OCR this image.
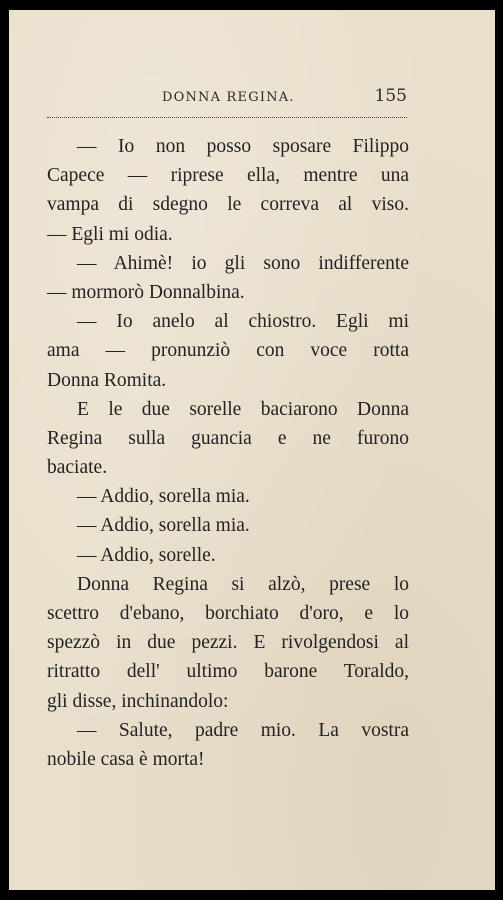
DONNA REGINA.	155
— Io non posso sposare Filippo
Capece — riprese ella, mentre una
vampa di sdegno le correva al viso.
— Egli mi odia.
— Ahimè! io gli sono indifferente
— mormorò Donnalbina.
— Io anelo al chiostro. Egli mi
ama — pronunziò con voce rotta
Donna Romita.
E le due sorelle baciarono Donna
Regina sulla guancia e ne furono
baciate.
— Addio, sorella mia.
— Addio, sorella mia.
— Addio, sorelle.
Donna Regina si alzò, prese lo
scettro d'ebano, borchiato d'oro, e lo
spezzò in due pezzi. E rivolgendosi al
ritratto dell' ultimo barone Toraldo,
gli disse, inchinandolo:
— Salute, padre mio. La vostra
nobile casa è morta!
